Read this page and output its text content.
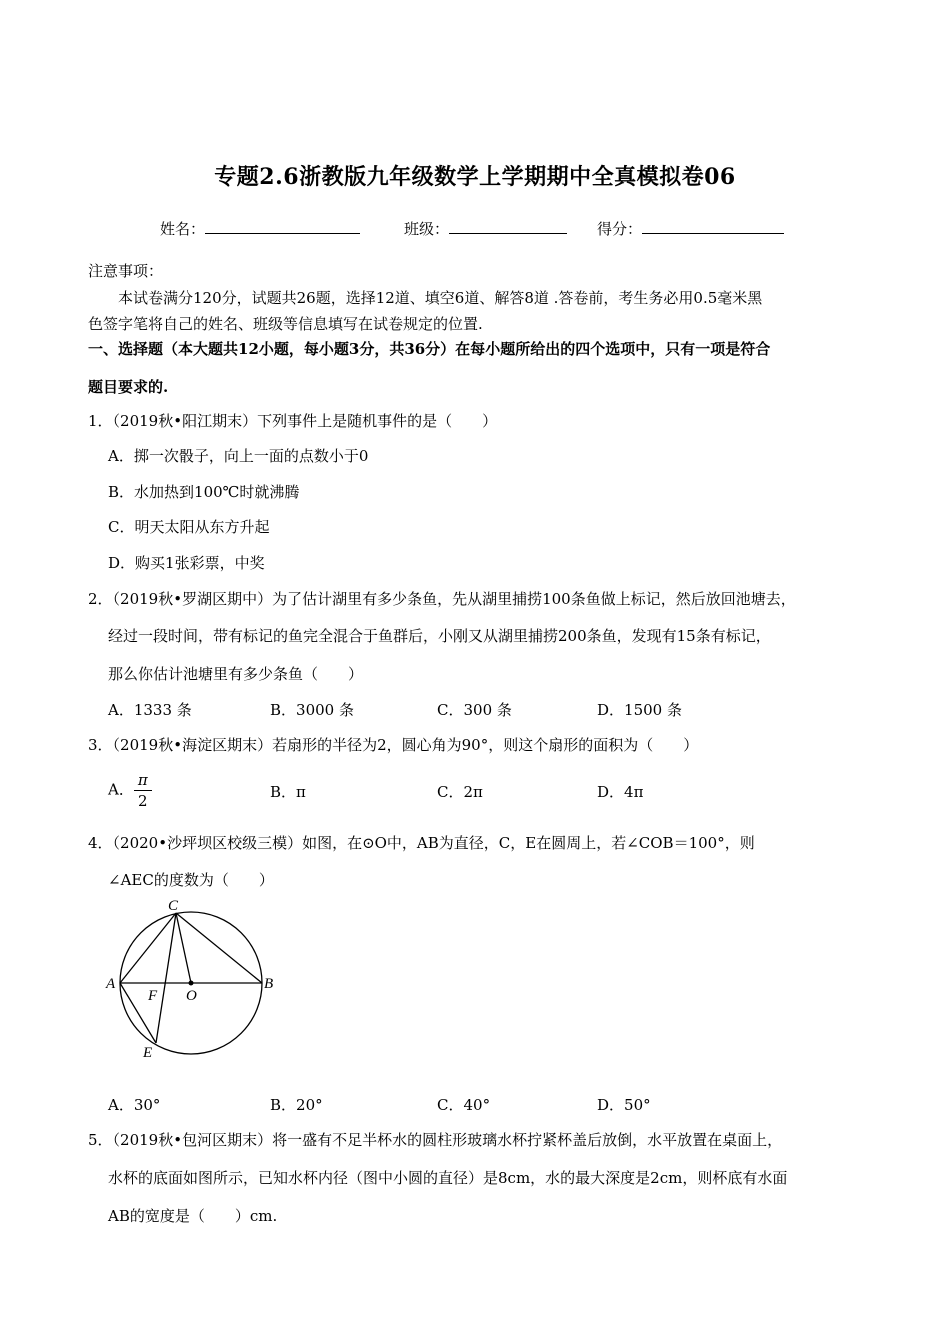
专题2.6浙教版九年级数学上学期期中全真模拟卷06
姓名：	班级：	得分：
注意事项：
本试卷满分120分，试题共26题，选择12道、填空6道、解答8道 .答卷前，考生务必用0.5毫米黑
色签字笔将自己的姓名、班级等信息填写在试卷规定的位置.
一、选择题（本大题共12小题，每小题3分，共36分）在每小题所给出的四个选项中，只有一项是符合
题目要求的.
1．（2019秋•阳江期末）下列事件上是随机事件的是（　　）
A．掷一次骰子，向上一面的点数小于0
B．水加热到100℃时就沸腾
C．明天太阳从东方升起
D．购买1张彩票，中奖
2．（2019秋•罗湖区期中）为了估计湖里有多少条鱼，先从湖里捕捞100条鱼做上标记，然后放回池塘去，
经过一段时间，带有标记的鱼完全混合于鱼群后，小刚又从湖里捕捞200条鱼，发现有15条有标记，
那么你估计池塘里有多少条鱼（　　）
A．1333 条	B．3000 条	C．300 条	D．1500 条
3．（2019秋•海淀区期末）若扇形的半径为2，圆心角为90°，则这个扇形的面积为（　　）
A． $\frac{\pi}{2}$	B．π	C．2π	D．4π
4．（2020•沙坪坝区校级三模）如图，在⊙O中，AB为直径，C，E在圆周上，若∠COB＝100°，则
∠AEC的度数为（　　）
C
A	B
F O
E
A．30°	B．20°	C．40°	D．50°
5．（2019秋•包河区期末）将一盛有不足半杯水的圆柱形玻璃水杯拧紧杯盖后放倒，水平放置在桌面上，
水杯的底面如图所示，已知水杯内径（图中小圆的直径）是8cm，水的最大深度是2cm，则杯底有水面
AB的宽度是（　　）cm.
